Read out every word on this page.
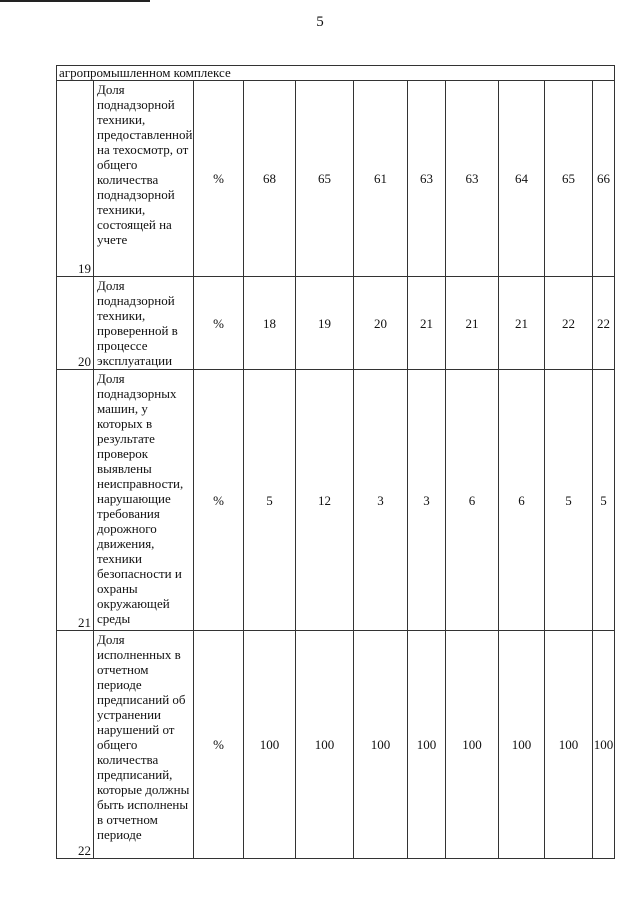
5
агропромышленном комплексе										
19	Доля поднадзорной техники, предоставленной на техосмотр, от общего количества поднадзорной техники, состоящей на учете	%	68	65	61	63	63	64	65	66
20	Доля поднадзорной техники, проверенной в процессе эксплуатации	%	18	19	20	21	21	21	22	22
21	Доля поднадзорных машин, у которых в результате проверок выявлены неисправности, нарушающие требования дорожного движения, техники безопасности и охраны окружающей среды	%	5	12	3	3	6	6	5	5
22	Доля исполненных в отчетном периоде предписаний об устранении нарушений от общего количества предписаний, которые должны быть исполнены в отчетном периоде	%	100	100	100	100	100	100	100	100
